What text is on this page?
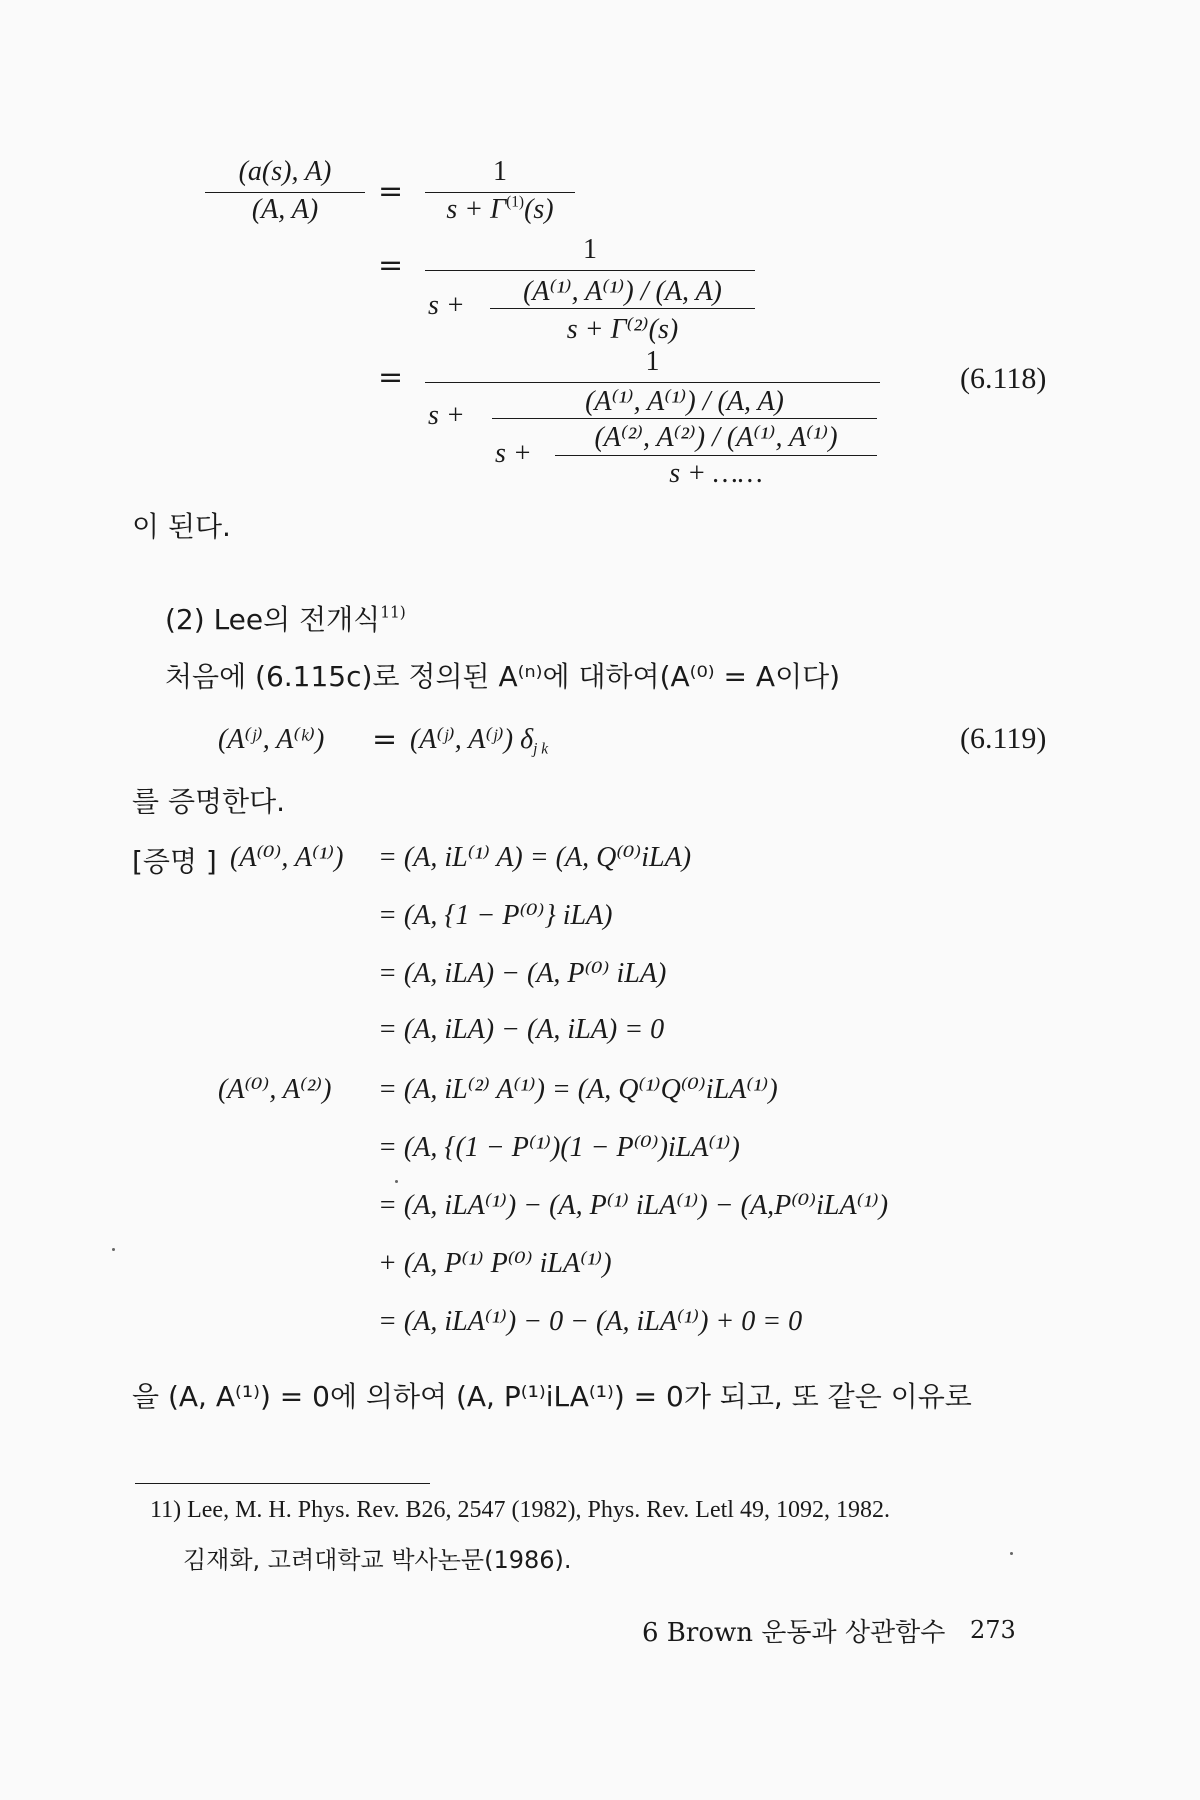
(a(s), A)
(A, A)
=
1
$s + \Gamma^{(1)}(s)$
=	1
s +	(A⁽¹⁾, A⁽¹⁾) / (A, A)
s + Γ⁽²⁾(s)
=	1
s +	(A⁽¹⁾, A⁽¹⁾) / (A, A)
s +
(A⁽²⁾, A⁽²⁾) / (A⁽¹⁾, A⁽¹⁾)
s + ……
(6.118)
이 된다.
(2) Lee의 전개식$^{11)}$
처음에 (6.115c)로 정의된 A⁽ⁿ⁾에 대하여(A⁽⁰⁾ = A이다)
(A⁽ʲ⁾, A⁽ᵏ⁾) = (A⁽ʲ⁾, A⁽ʲ⁾) $\delta_{j k}$	(6.119)
를 증명한다.
[증명 ] (A⁽⁰⁾, A⁽¹⁾) = (A, iL⁽¹⁾ A) = (A, Q⁽⁰⁾iLA)
= (A, {1 − P⁽⁰⁾} iLA)
= (A, iLA) − (A, P⁽⁰⁾ iLA)
= (A, iLA) − (A, iLA) = 0
(A⁽⁰⁾, A⁽²⁾) = (A, iL⁽²⁾ A⁽¹⁾) = (A, Q⁽¹⁾Q⁽⁰⁾iLA⁽¹⁾)
= (A, {(1 − P⁽¹⁾)(1 − P⁽⁰⁾)iLA⁽¹⁾)
= (A, iLA⁽¹⁾) − (A, P⁽¹⁾ iLA⁽¹⁾) − (A,P⁽⁰⁾iLA⁽¹⁾)
+ (A, P⁽¹⁾ P⁽⁰⁾ iLA⁽¹⁾)
= (A, iLA⁽¹⁾) − 0 − (A, iLA⁽¹⁾) + 0 = 0
을 (A, A⁽¹⁾) = 0에 의하여 (A, P⁽¹⁾iLA⁽¹⁾) = 0가 되고, 또 같은 이유로
11) Lee, M. H. Phys. Rev. B26, 2547 (1982), Phys. Rev. Letl 49, 1092, 1982.
김재화, 고려대학교 박사논문(1986).
6 Brown 운동과 상관함수 273
